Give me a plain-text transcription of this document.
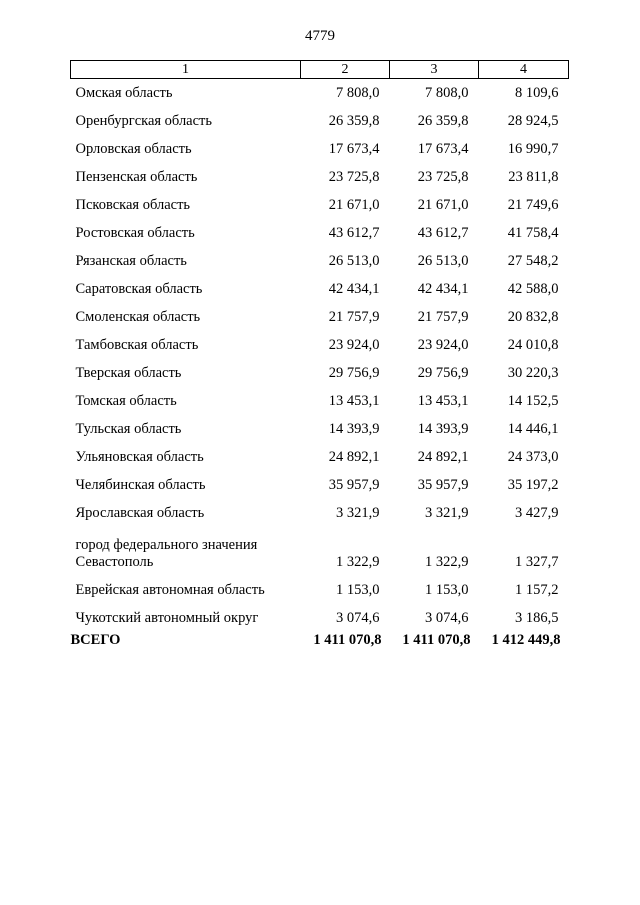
4779
1	2	3	4
Омская область	7 808,0	7 808,0	8 109,6
Оренбургская область	26 359,8	26 359,8	28 924,5
Орловская область	17 673,4	17 673,4	16 990,7
Пензенская область	23 725,8	23 725,8	23 811,8
Псковская область	21 671,0	21 671,0	21 749,6
Ростовская область	43 612,7	43 612,7	41 758,4
Рязанская область	26 513,0	26 513,0	27 548,2
Саратовская область	42 434,1	42 434,1	42 588,0
Смоленская область	21 757,9	21 757,9	20 832,8
Тамбовская область	23 924,0	23 924,0	24 010,8
Тверская область	29 756,9	29 756,9	30 220,3
Томская область	13 453,1	13 453,1	14 152,5
Тульская область	14 393,9	14 393,9	14 446,1
Ульяновская область	24 892,1	24 892,1	24 373,0
Челябинская область	35 957,9	35 957,9	35 197,2
Ярославская область	3 321,9	3 321,9	3 427,9
город федерального значения
Севастополь	1 322,9	1 322,9	1 327,7
Еврейская автономная область	1 153,0	1 153,0	1 157,2
Чукотский автономный округ	3 074,6	3 074,6	3 186,5
ВСЕГО	1 411 070,8	1 411 070,8	1 412 449,8
